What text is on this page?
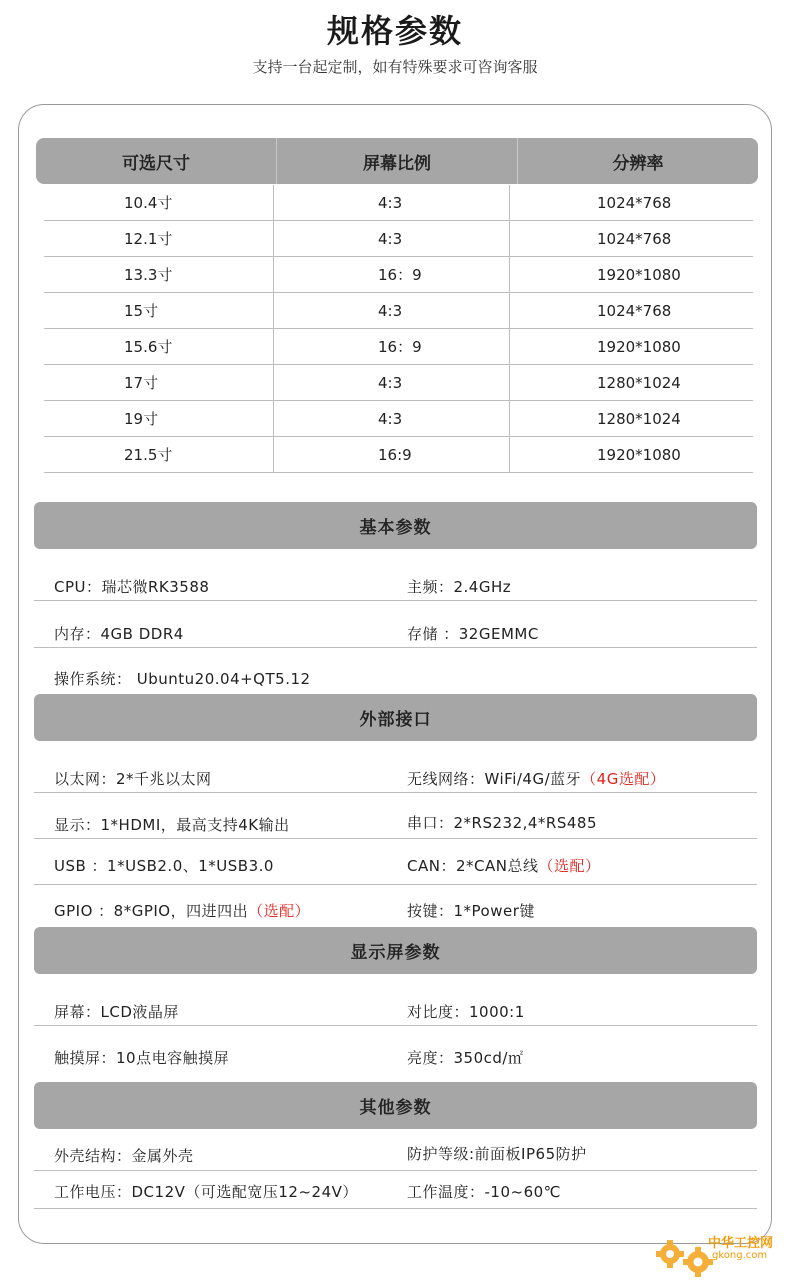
规格参数
支持一台起定制，如有特殊要求可咨询客服
可选尺寸	屏幕比例	分辨率
10.4寸	4:3	1024*768
12.1寸	4:3	1024*768
13.3寸	16：9	1920*1080
15寸	4:3	1024*768
15.6寸	16：9	1920*1080
17寸	4:3	1280*1024
19寸	4:3	1280*1024
21.5寸	16:9	1920*1080
基本参数
CPU：瑞芯微RK3588	主频：2.4GHz
内存：4GB DDR4	存储 ：32GEMMC
操作系统： Ubuntu20.04+QT5.12
外部接口
以太网：2*千兆以太网	无线网络：WiFi/4G/蓝牙（4G选配）
显示：1*HDMI，最高支持4K输出	串口：2*RS232,4*RS485
USB ：1*USB2.0、1*USB3.0	CAN：2*CAN总线（选配）
GPIO ：8*GPIO，四进四出（选配）	按键：1*Power键
显示屏参数
屏幕：LCD液晶屏	对比度：1000:1
触摸屏：10点电容触摸屏	亮度：350cd/㎡
其他参数
外壳结构：金属外壳	防护等级:前面板IP65防护
工作电压：DC12V（可选配宽压12~24V）	工作温度：-10~60℃
中华工控网
gkong.com
